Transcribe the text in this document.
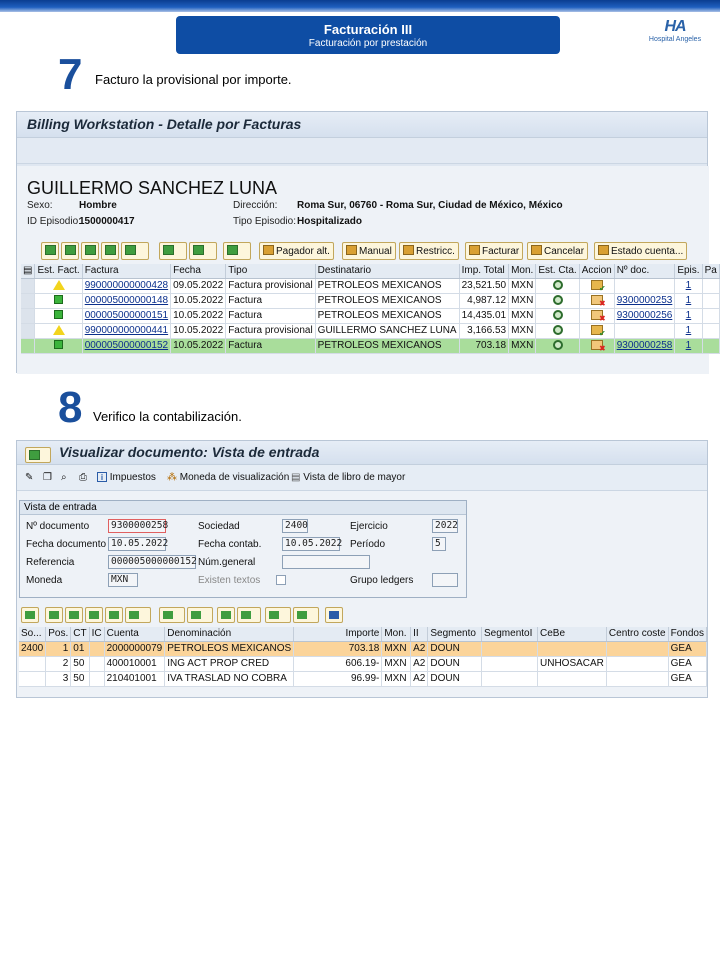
Facturación III
Facturación por prestación
HA
Hospital Angeles
7 Facturo la provisional por importe.
Billing Workstation - Detalle por Facturas
GUILLERMO SANCHEZ LUNA
Sexo:	Hombre	Dirección: Roma Sur, 06760 - Roma Sur, Ciudad de México, México
ID Episodio:
1500000417	Tipo Episodio: Hospitalizado
Pagador alt.	Manual	Restricc.	Facturar	Cancelar	Estado cuenta...
▤	Est. Fact.	Factura	Fecha	Tipo	Destinatario	Imp. Total	Mon.	Est. Cta.	Accion	Nº doc.	Epis.	Pa
		990000000000428	09.05.2022	Factura provisional	PETROLEOS MEXICANOS	23,521.50	MXN		✔		1	
		000005000000148	10.05.2022	Factura	PETROLEOS MEXICANOS	4,987.12	MXN		✖	9300000253	1	
		000005000000151	10.05.2022	Factura	PETROLEOS MEXICANOS	14,435.01	MXN		✖	9300000256	1	
		990000000000441	10.05.2022	Factura provisional	GUILLERMO SANCHEZ LUNA	3,166.53	MXN		✔		1	
		000005000000152	10.05.2022	Factura	PETROLEOS MEXICANOS	703.18	MXN		✖	9300000258	1	
8 Verifico la contabilización.
Visualizar documento: Vista de entrada
✎ ❐ ⌕ ⎙	i Impuestos ⁂ Moneda de visualización ▤ Vista de libro de mayor
Vista de entrada
Nº documento	9300000258	Sociedad	2400	Ejercicio	2022
Fecha documento 10.05.2022	Fecha contab.	10.05.2022 Período	5
Referencia	000005000000152 Núm.general
Moneda	MXN	Existen textos	Grupo ledgers
So...	Pos.	CT	IC	Cuenta	Denominación	Importe	Mon.	II	Segmento	SegmentoI	CeBe	Centro coste	Fondos
2400	1	01		2000000079	PETROLEOS MEXICANOS	703.18	MXN	A2	DOUN				GEA
	2	50		400010001	ING ACT PROP CRED	606.19-	MXN	A2	DOUN		UNHOSACAR		GEA
	3	50		210401001	IVA TRASLAD NO COBRA	96.99-	MXN	A2	DOUN				GEA
